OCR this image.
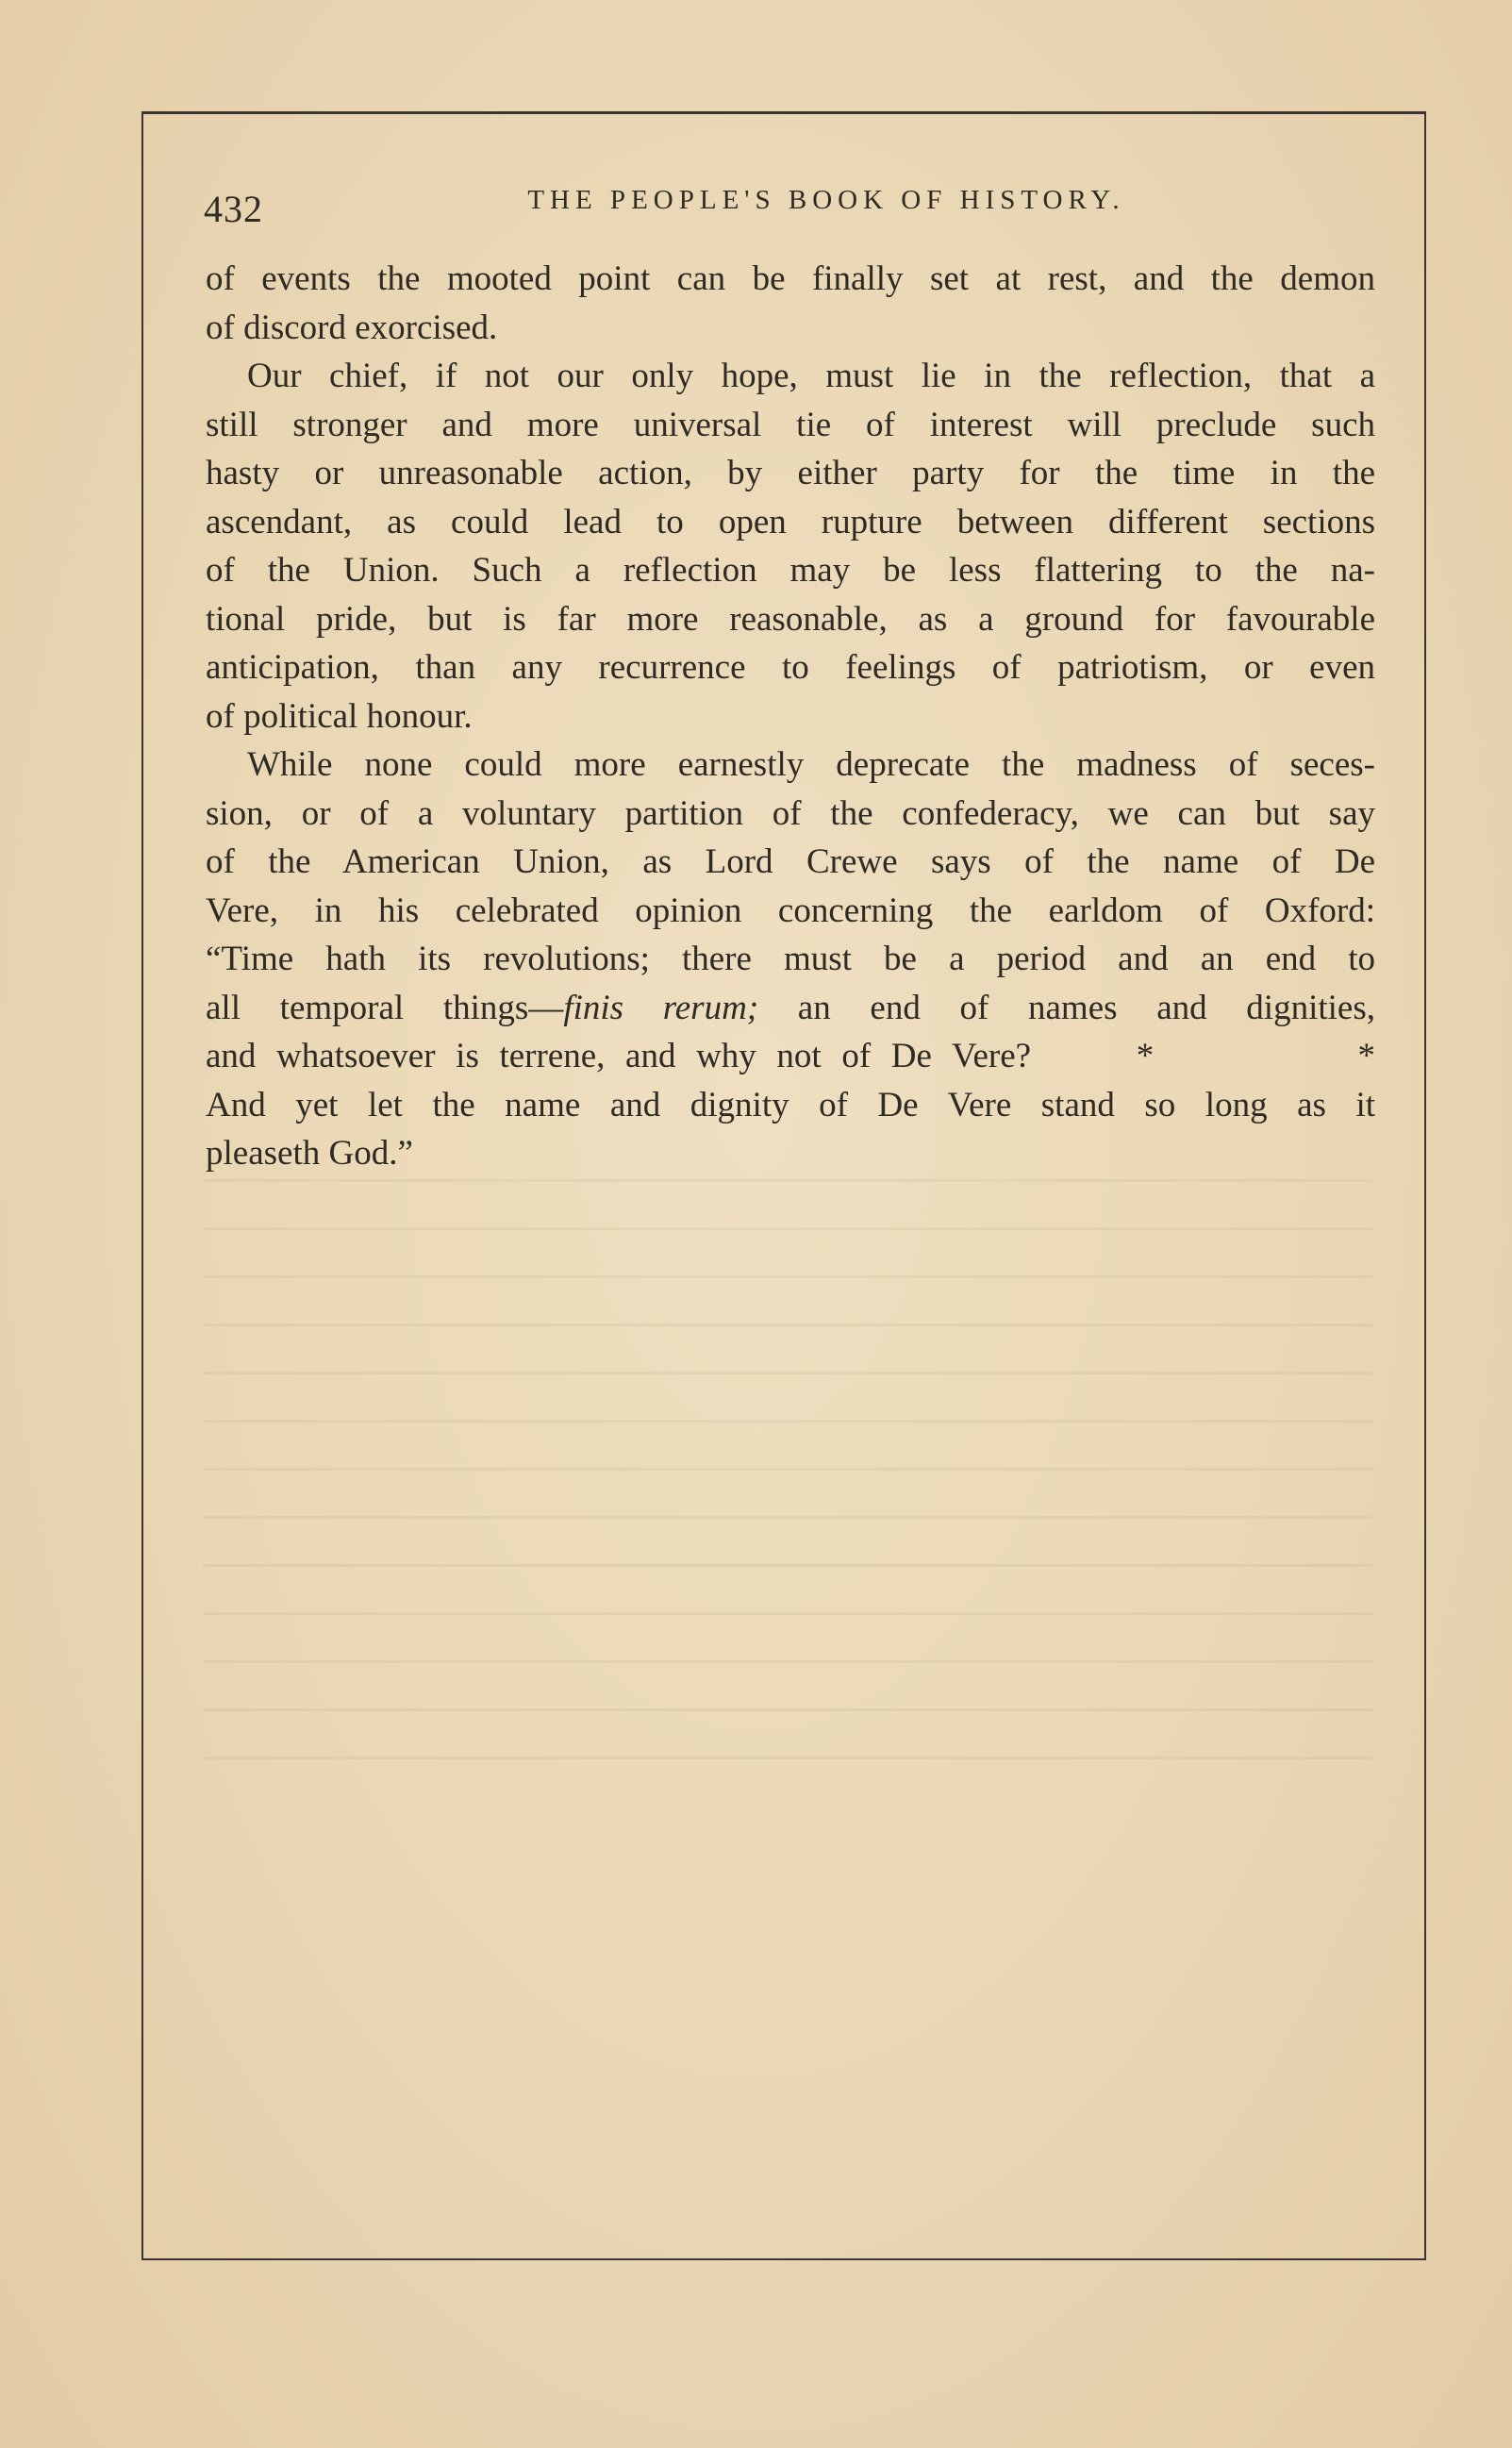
432	THE PEOPLE'S BOOK OF HISTORY.

of events the mooted point can be finally set at rest, and the demon
of discord exorcised.

Our chief, if not our only hope, must lie in the reflection, that a
still stronger and more universal tie of interest will preclude such
hasty or unreasonable action, by either party for the time in the
ascendant, as could lead to open rupture between different sections
of the Union. Such a reflection may be less flattering to the na-
tional pride, but is far more reasonable, as a ground for favourable
anticipation, than any recurrence to feelings of patriotism, or even
of political honour.

While none could more earnestly deprecate the madness of seces-
sion, or of a voluntary partition of the confederacy, we can but say
of the American Union, as Lord Crewe says of the name of De
Vere, in his celebrated opinion concerning the earldom of Oxford:
“Time hath its revolutions; there must be a period and an end to
all temporal things—finis rerum; an end of names and dignities,
and whatsoever is terrene, and why not of De Vere?	*          *
And yet let the name and dignity of De Vere stand so long as it
pleaseth God.”
